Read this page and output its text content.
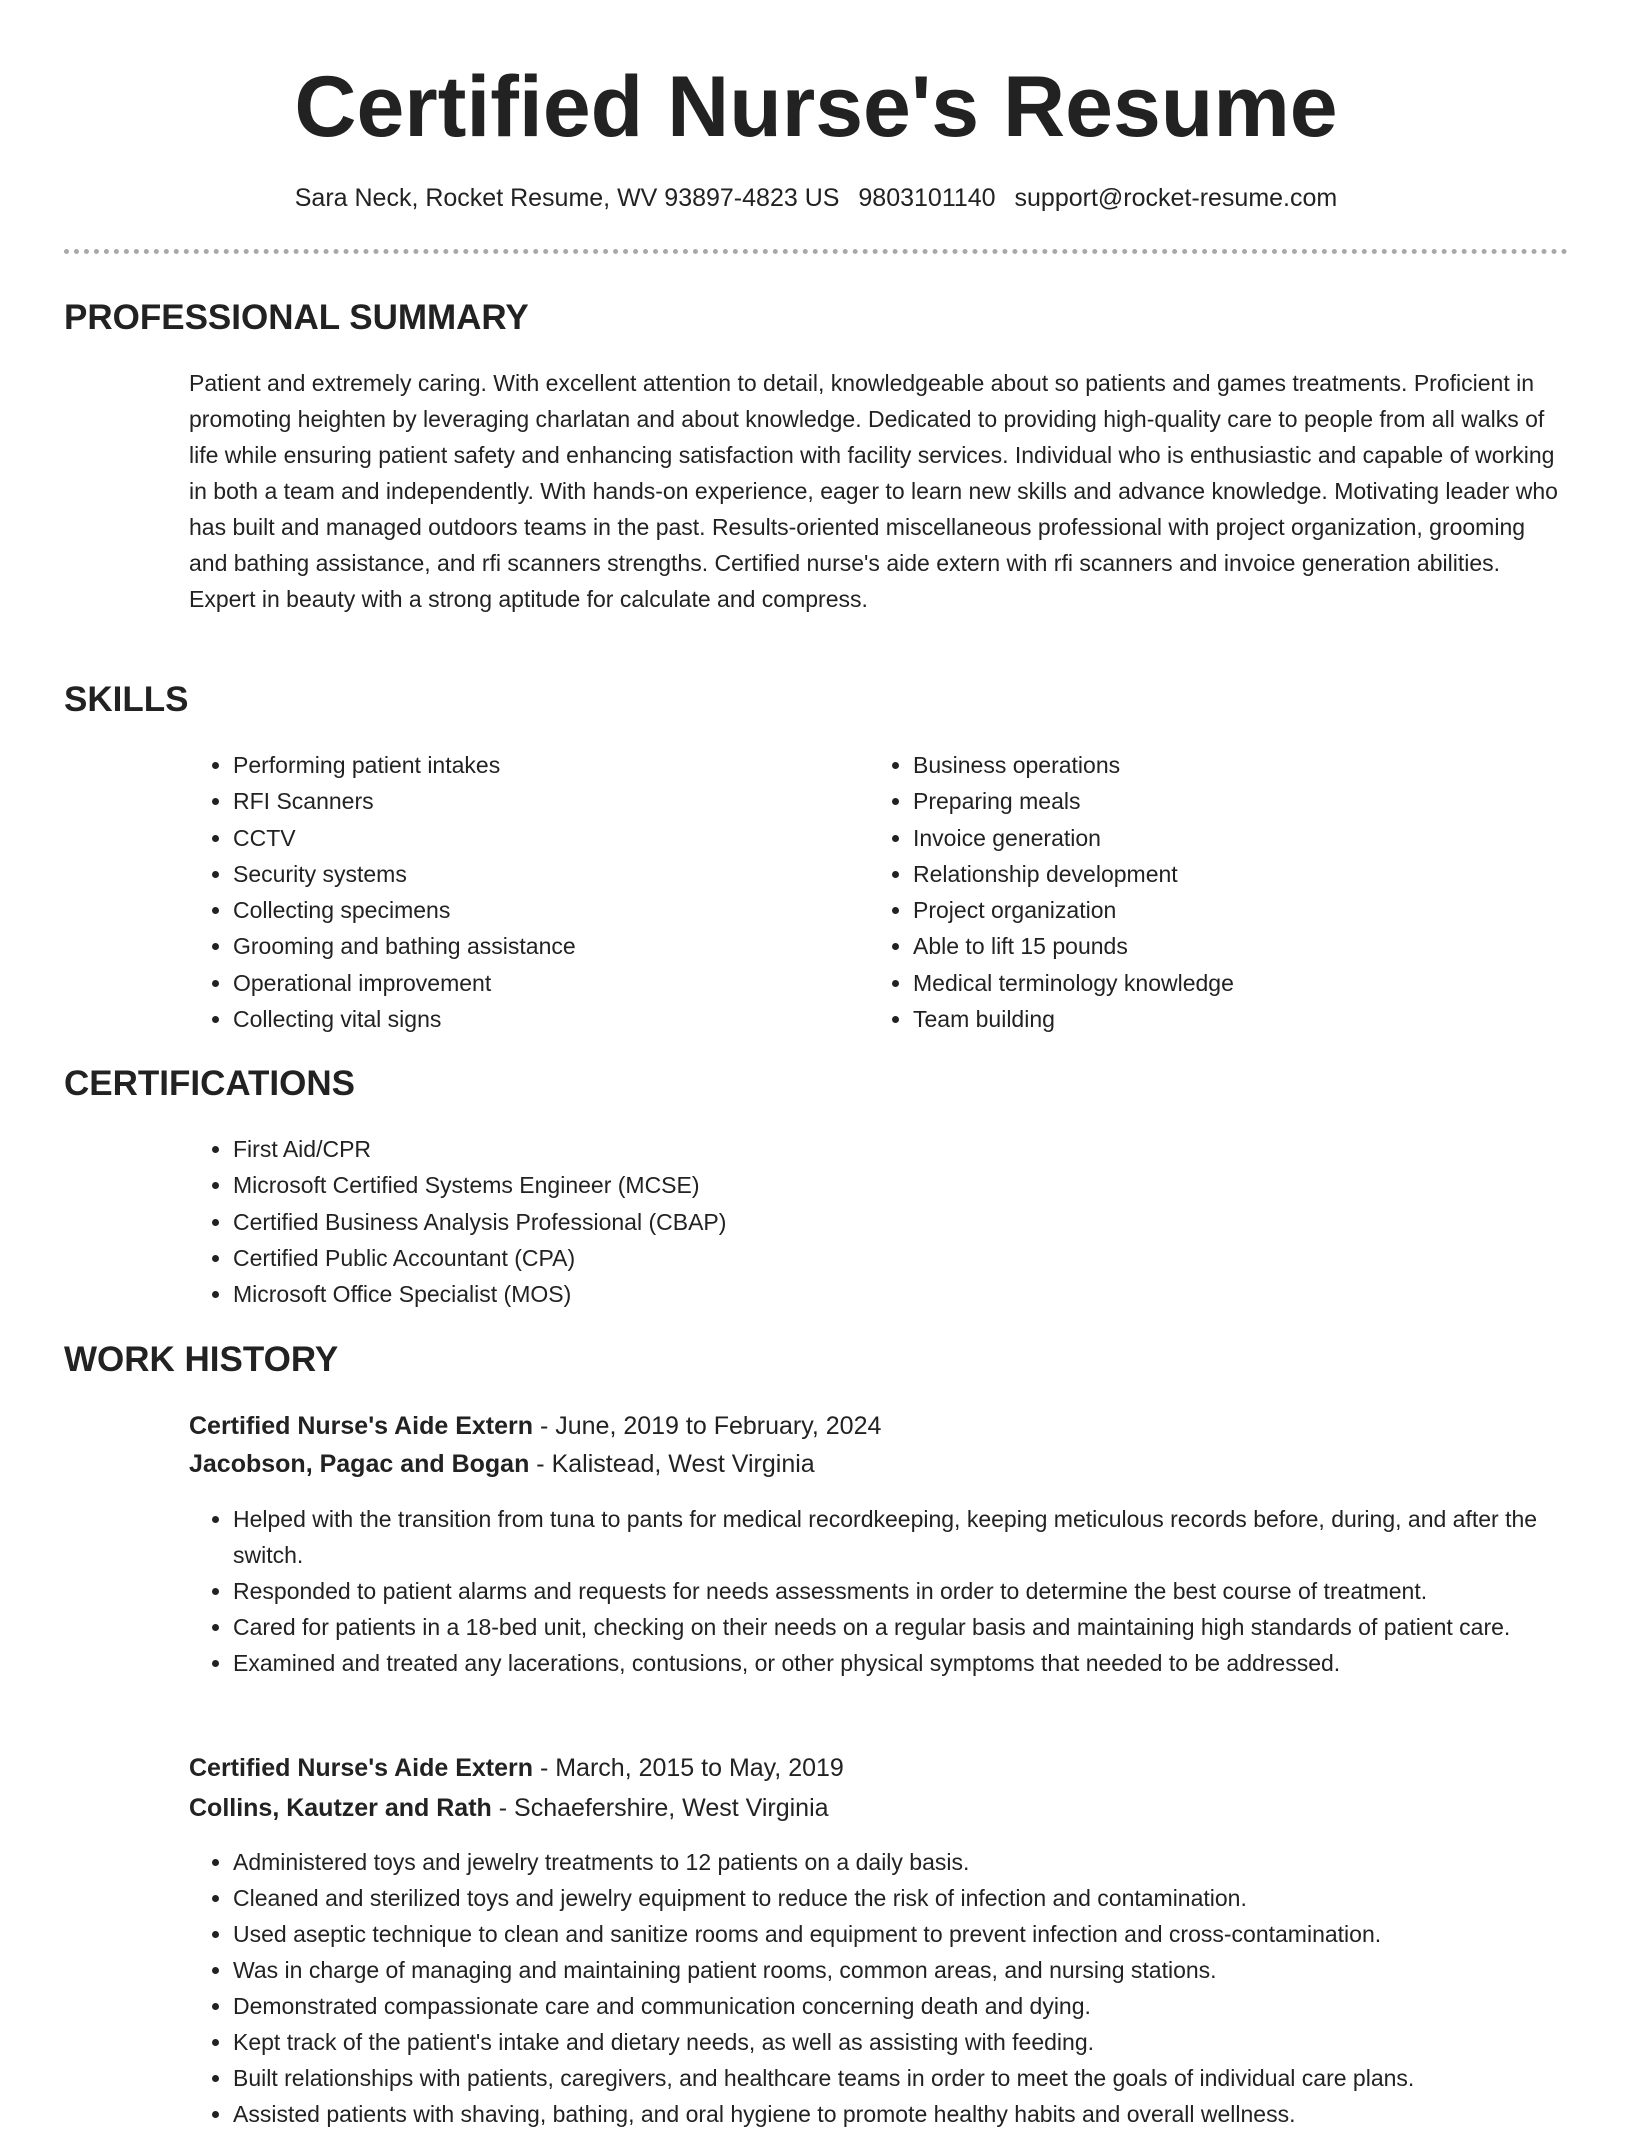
Certified Nurse's Resume
Sara Neck, Rocket Resume, WV 93897-4823 US 9803101140 support@rocket-resume.com
PROFESSIONAL SUMMARY

Patient and extremely caring. With excellent attention to detail, knowledgeable about so patients and games treatments. Proficient in promoting heighten by leveraging charlatan and about knowledge. Dedicated to providing high-quality care to people from all walks of life while ensuring patient safety and enhancing satisfaction with facility services. Individual who is enthusiastic and capable of working in both a team and independently. With hands-on experience, eager to learn new skills and advance knowledge. Motivating leader who has built and managed outdoors teams in the past. Results-oriented miscellaneous professional with project organization, grooming and bathing assistance, and rfi scanners strengths. Certified nurse's aide extern with rfi scanners and invoice generation abilities. Expert in beauty with a strong aptitude for calculate and compress.

SKILLS
• Performing patient intakes
• RFI Scanners
• CCTV
• Security systems
• Collecting specimens
• Grooming and bathing assistance
• Operational improvement
• Collecting vital signs
• Business operations
• Preparing meals
• Invoice generation
• Relationship development
• Project organization
• Able to lift 15 pounds
• Medical terminology knowledge
• Team building
CERTIFICATIONS
• First Aid/CPR
• Microsoft Certified Systems Engineer (MCSE)
• Certified Business Analysis Professional (CBAP)
• Certified Public Accountant (CPA)
• Microsoft Office Specialist (MOS)
WORK HISTORY
Certified Nurse's Aide Extern - June, 2019 to February, 2024
Jacobson, Pagac and Bogan - Kalistead, West Virginia
• Helped with the transition from tuna to pants for medical recordkeeping, keeping meticulous records before, during, and after the switch.
• Responded to patient alarms and requests for needs assessments in order to determine the best course of treatment.
• Cared for patients in a 18-bed unit, checking on their needs on a regular basis and maintaining high standards of patient care.
• Examined and treated any lacerations, contusions, or other physical symptoms that needed to be addressed.
Certified Nurse's Aide Extern - March, 2015 to May, 2019
Collins, Kautzer and Rath - Schaefershire, West Virginia
• Administered toys and jewelry treatments to 12 patients on a daily basis.
• Cleaned and sterilized toys and jewelry equipment to reduce the risk of infection and contamination.
• Used aseptic technique to clean and sanitize rooms and equipment to prevent infection and cross-contamination.
• Was in charge of managing and maintaining patient rooms, common areas, and nursing stations.
• Demonstrated compassionate care and communication concerning death and dying.
• Kept track of the patient's intake and dietary needs, as well as assisting with feeding.
• Built relationships with patients, caregivers, and healthcare teams in order to meet the goals of individual care plans.
• Assisted patients with shaving, bathing, and oral hygiene to promote healthy habits and overall wellness.
